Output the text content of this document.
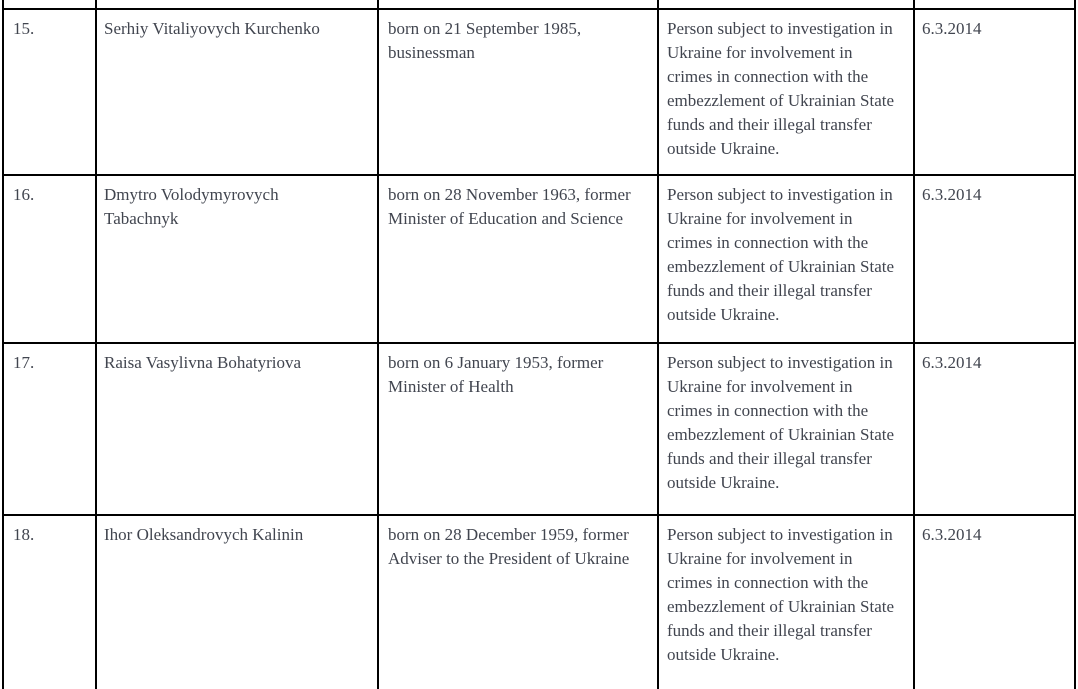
15.	Serhiy Vitaliyovych Kurchenko	born on 21 September 1985, businessman	Person subject to investigation in Ukraine for involvement in crimes in connection with the embezzlement of Ukrainian State funds and their illegal transfer outside Ukraine.	6.3.2014
16.	Dmytro Volodymyrovych Tabachnyk	born on 28 November 1963, former Minister of Education and Science	Person subject to investigation in Ukraine for involvement in crimes in connection with the embezzlement of Ukrainian State funds and their illegal transfer outside Ukraine.	6.3.2014
17.	Raisa Vasylivna Bohatyriova	born on 6 January 1953, former Minister of Health	Person subject to investigation in Ukraine for involvement in crimes in connection with the embezzlement of Ukrainian State funds and their illegal transfer outside Ukraine.	6.3.2014
18.	Ihor Oleksandrovych Kalinin	born on 28 December 1959, former Adviser to the President of Ukraine	Person subject to investigation in Ukraine for involvement in crimes in connection with the embezzlement of Ukrainian State funds and their illegal transfer outside Ukraine.	6.3.2014
